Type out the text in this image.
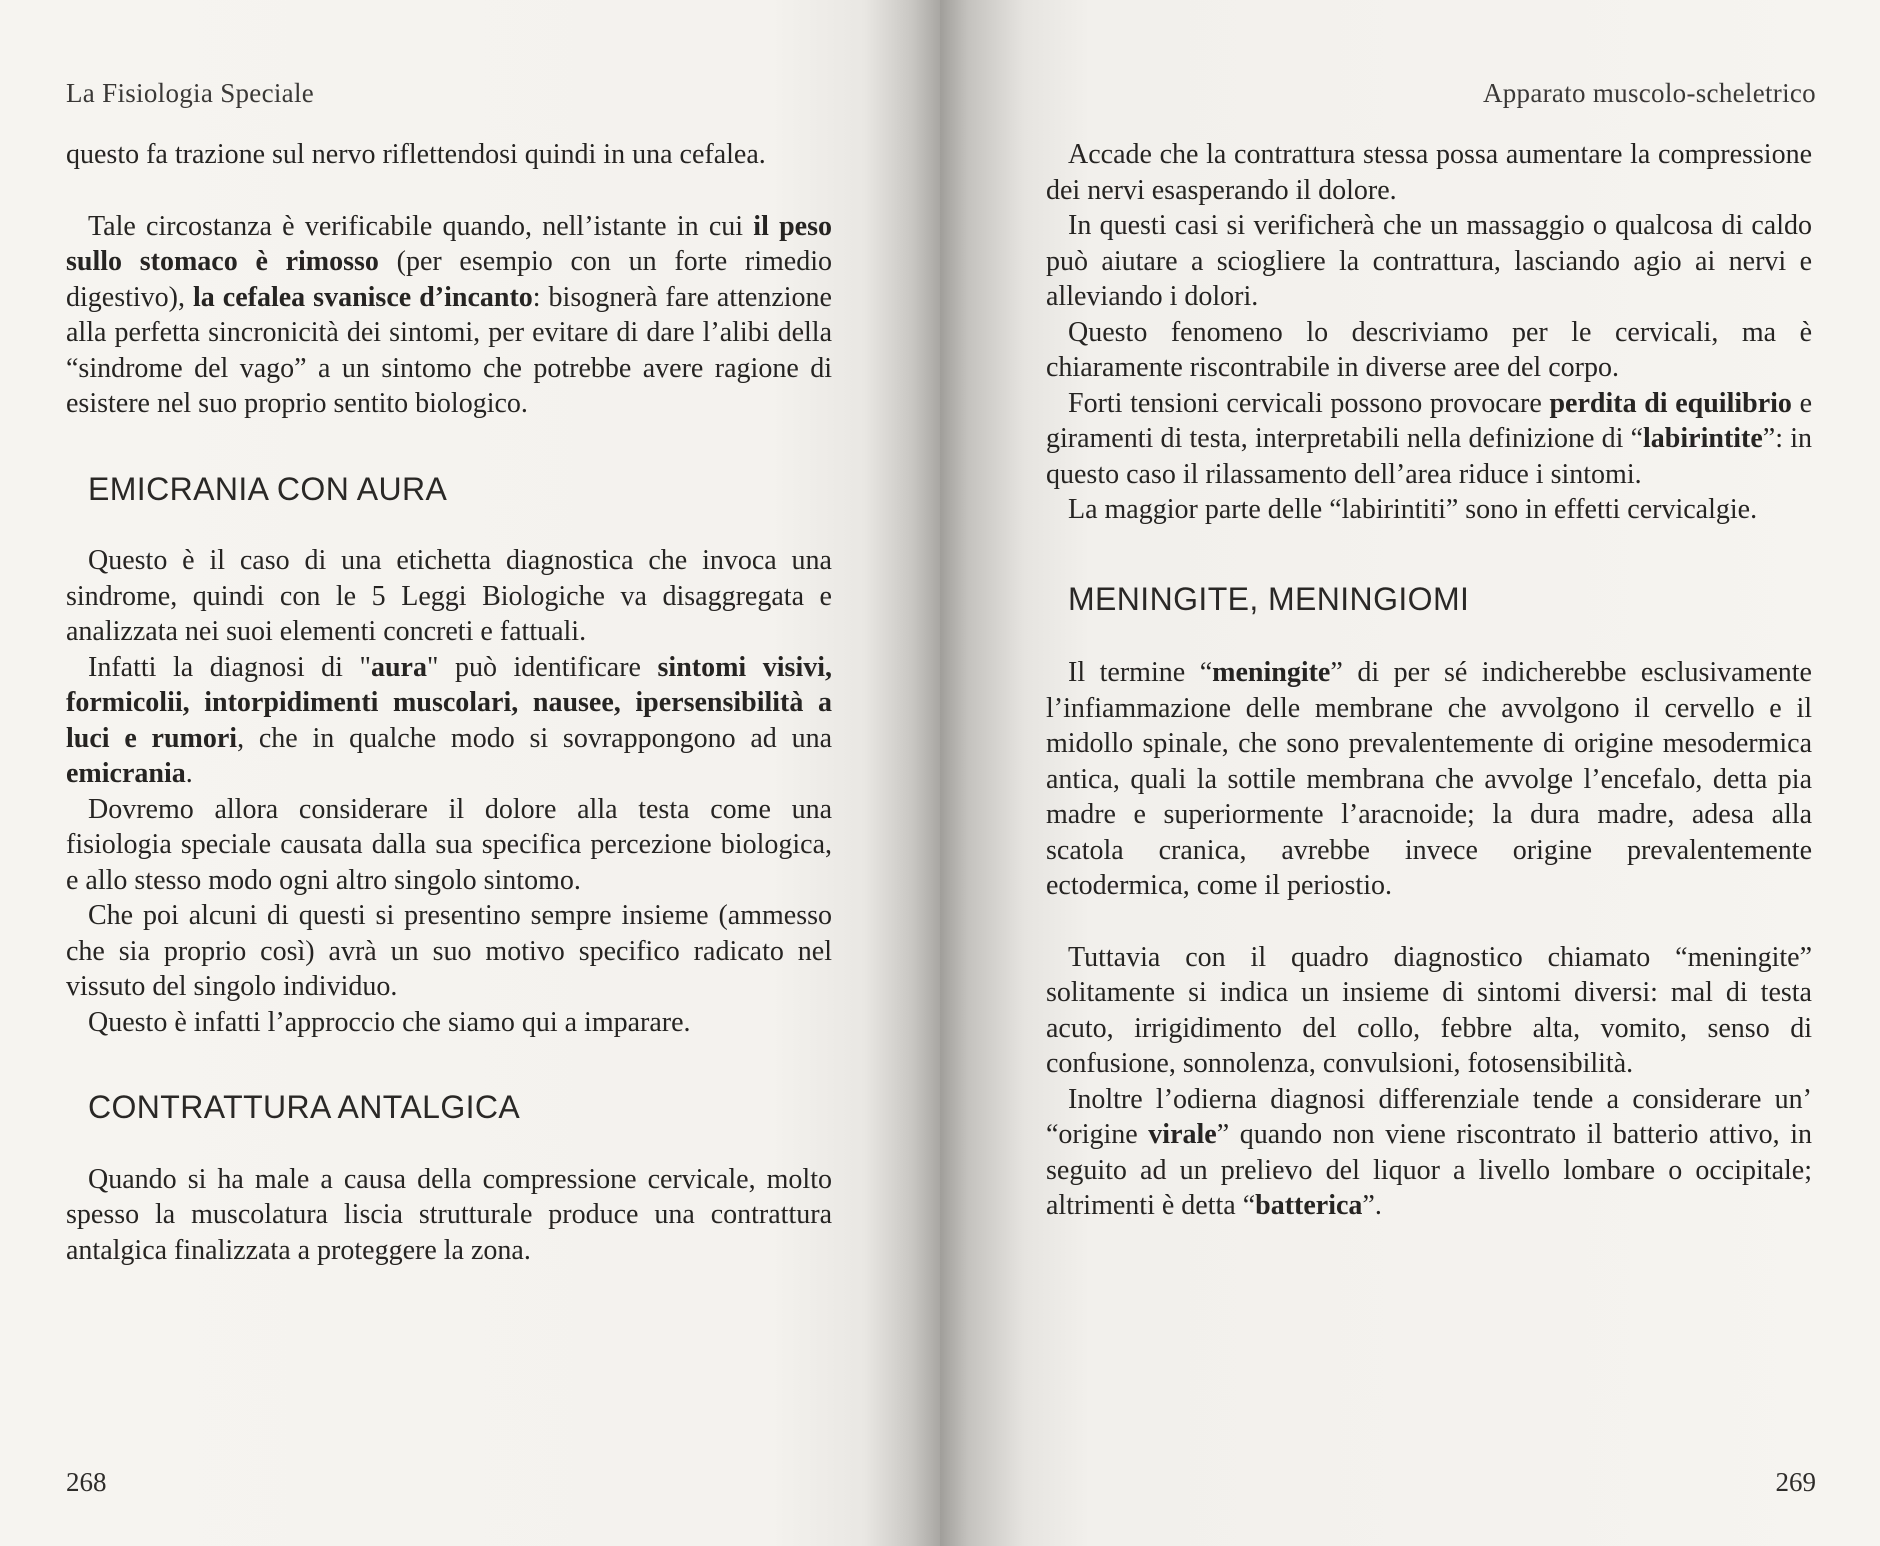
La Fisiologia Speciale

questo fa trazione sul nervo riflettendosi quindi in una cefalea.

Tale circostanza è verificabile quando, nell’istante in cui il peso sullo stomaco è rimosso (per esempio con un forte rimedio digestivo), la cefalea svanisce d’incanto: bisognerà fare attenzione alla perfetta sincronicità dei sintomi, per evitare di dare l’alibi della “sindrome del vago” a un sintomo che potrebbe avere ragione di esistere nel suo proprio sentito biologico.

EMICRANIA CON AURA

Questo è il caso di una etichetta diagnostica che invoca una sindrome, quindi con le 5 Leggi Biologiche va disaggregata e analizzata nei suoi elementi concreti e fattuali.

Infatti la diagnosi di "aura" può identificare sintomi visivi, formicolii, intorpidimenti muscolari, nausee, ipersensibilità a luci e rumori, che in qualche modo si sovrappongono ad una emicrania.

Dovremo allora considerare il dolore alla testa come una fisiologia speciale causata dalla sua specifica percezione biologica, e allo stesso modo ogni altro singolo sintomo.

Che poi alcuni di questi si presentino sempre insieme (ammesso che sia proprio così) avrà un suo motivo specifico radicato nel vissuto del singolo individuo.

Questo è infatti l’approccio che siamo qui a imparare.

CONTRATTURA ANTALGICA

Quando si ha male a causa della compressione cervicale, molto spesso la muscolatura liscia strutturale produce una contrattura antalgica finalizzata a proteggere la zona.

268
Apparato muscolo-scheletrico
269

Accade che la contrattura stessa possa aumentare la compressione dei nervi esasperando il dolore.

In questi casi si verificherà che un massaggio o qualcosa di caldo può aiutare a sciogliere la contrattura, lasciando agio ai nervi e alleviando i dolori.

Questo fenomeno lo descriviamo per le cervicali, ma è chiaramente riscontrabile in diverse aree del corpo.

Forti tensioni cervicali possono provocare perdita di equilibrio e giramenti di testa, interpretabili nella definizione di “labirintite”: in questo caso il rilassamento dell’area riduce i sintomi.

La maggior parte delle “labirintiti” sono in effetti cervicalgie.

MENINGITE, MENINGIOMI

Il termine “meningite” di per sé indicherebbe esclusivamente l’infiammazione delle membrane che avvolgono il cervello e il midollo spinale, che sono prevalentemente di origine mesodermica antica, quali la sottile membrana che avvolge l’encefalo, detta pia madre e superiormente l’aracnoide; la dura madre, adesa alla scatola cranica, avrebbe invece origine prevalentemente ectodermica, come il periostio.

Tuttavia con il quadro diagnostico chiamato “meningite” solitamente si indica un insieme di sintomi diversi: mal di testa acuto, irrigidimento del collo, febbre alta, vomito, senso di confusione, sonnolenza, convulsioni, fotosensibilità.

Inoltre l’odierna diagnosi differenziale tende a considerare un’ “origine virale” quando non viene riscontrato il batterio attivo, in seguito ad un prelievo del liquor a livello lombare o occipitale; altrimenti è detta “batterica”.
